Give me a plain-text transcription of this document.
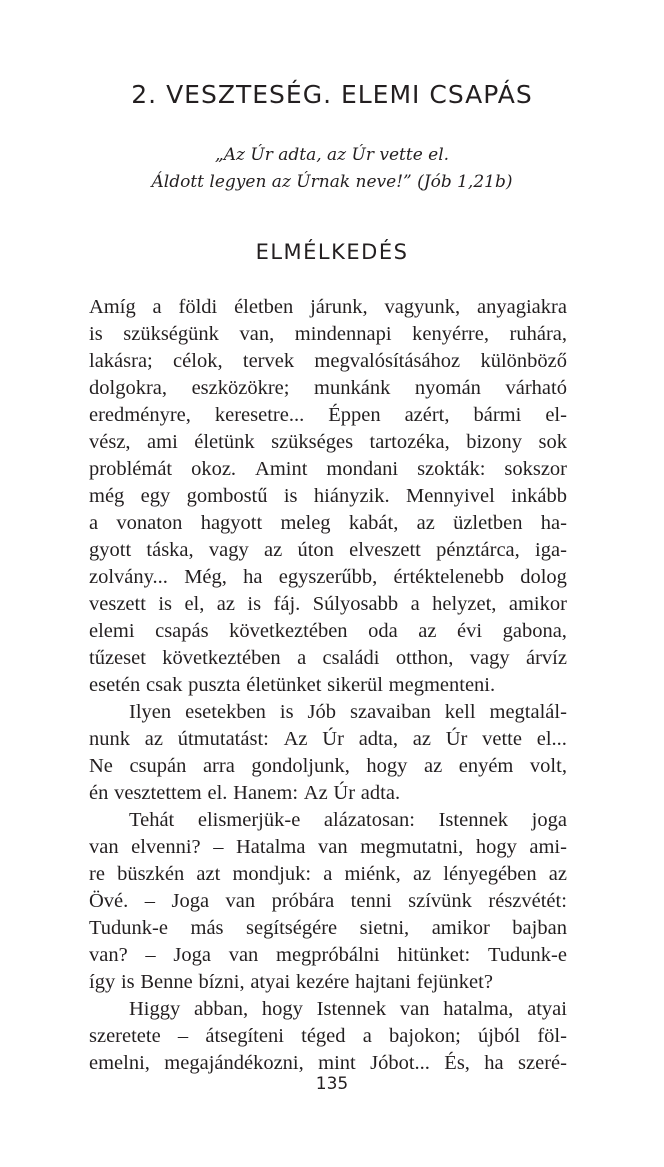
2. VESZTESÉG. ELEMI CSAPÁS
„Az Úr adta, az Úr vette el.
Áldott legyen az Úrnak neve!” (Jób 1,21b)
ELMÉLKEDÉS
Amíg a földi életben járunk, vagyunk, anyagiakra
is szükségünk van, mindennapi kenyérre, ruhára,
lakásra; célok, tervek megvalósításához különböző
dolgokra, eszközökre; munkánk nyomán várható
eredményre, keresetre... Éppen azért, bármi el-
vész, ami életünk szükséges tartozéka, bizony sok
problémát okoz. Amint mondani szokták: sokszor
még egy gombostű is hiányzik. Mennyivel inkább
a vonaton hagyott meleg kabát, az üzletben ha-
gyott táska, vagy az úton elveszett pénztárca, iga-
zolvány... Még, ha egyszerűbb, értéktelenebb dolog
veszett is el, az is fáj. Súlyosabb a helyzet, amikor
elemi csapás következtében oda az évi gabona,
tűzeset következtében a családi otthon, vagy árvíz
esetén csak puszta életünket sikerül megmenteni.
Ilyen esetekben is Jób szavaiban kell megtalál-
nunk az útmutatást: Az Úr adta, az Úr vette el...
Ne csupán arra gondoljunk, hogy az enyém volt,
én vesztettem el. Hanem: Az Úr adta.
Tehát elismerjük-e alázatosan: Istennek joga
van elvenni? – Hatalma van megmutatni, hogy ami-
re büszkén azt mondjuk: a miénk, az lényegében az
Övé. – Joga van próbára tenni szívünk részvétét:
Tudunk-e más segítségére sietni, amikor bajban
van? – Joga van megpróbálni hitünket: Tudunk-e
így is Benne bízni, atyai kezére hajtani fejünket?
Higgy abban, hogy Istennek van hatalma, atyai
szeretete – átsegíteni téged a bajokon; újból föl-
emelni, megajándékozni, mint Jóbot... És, ha szeré-
135
